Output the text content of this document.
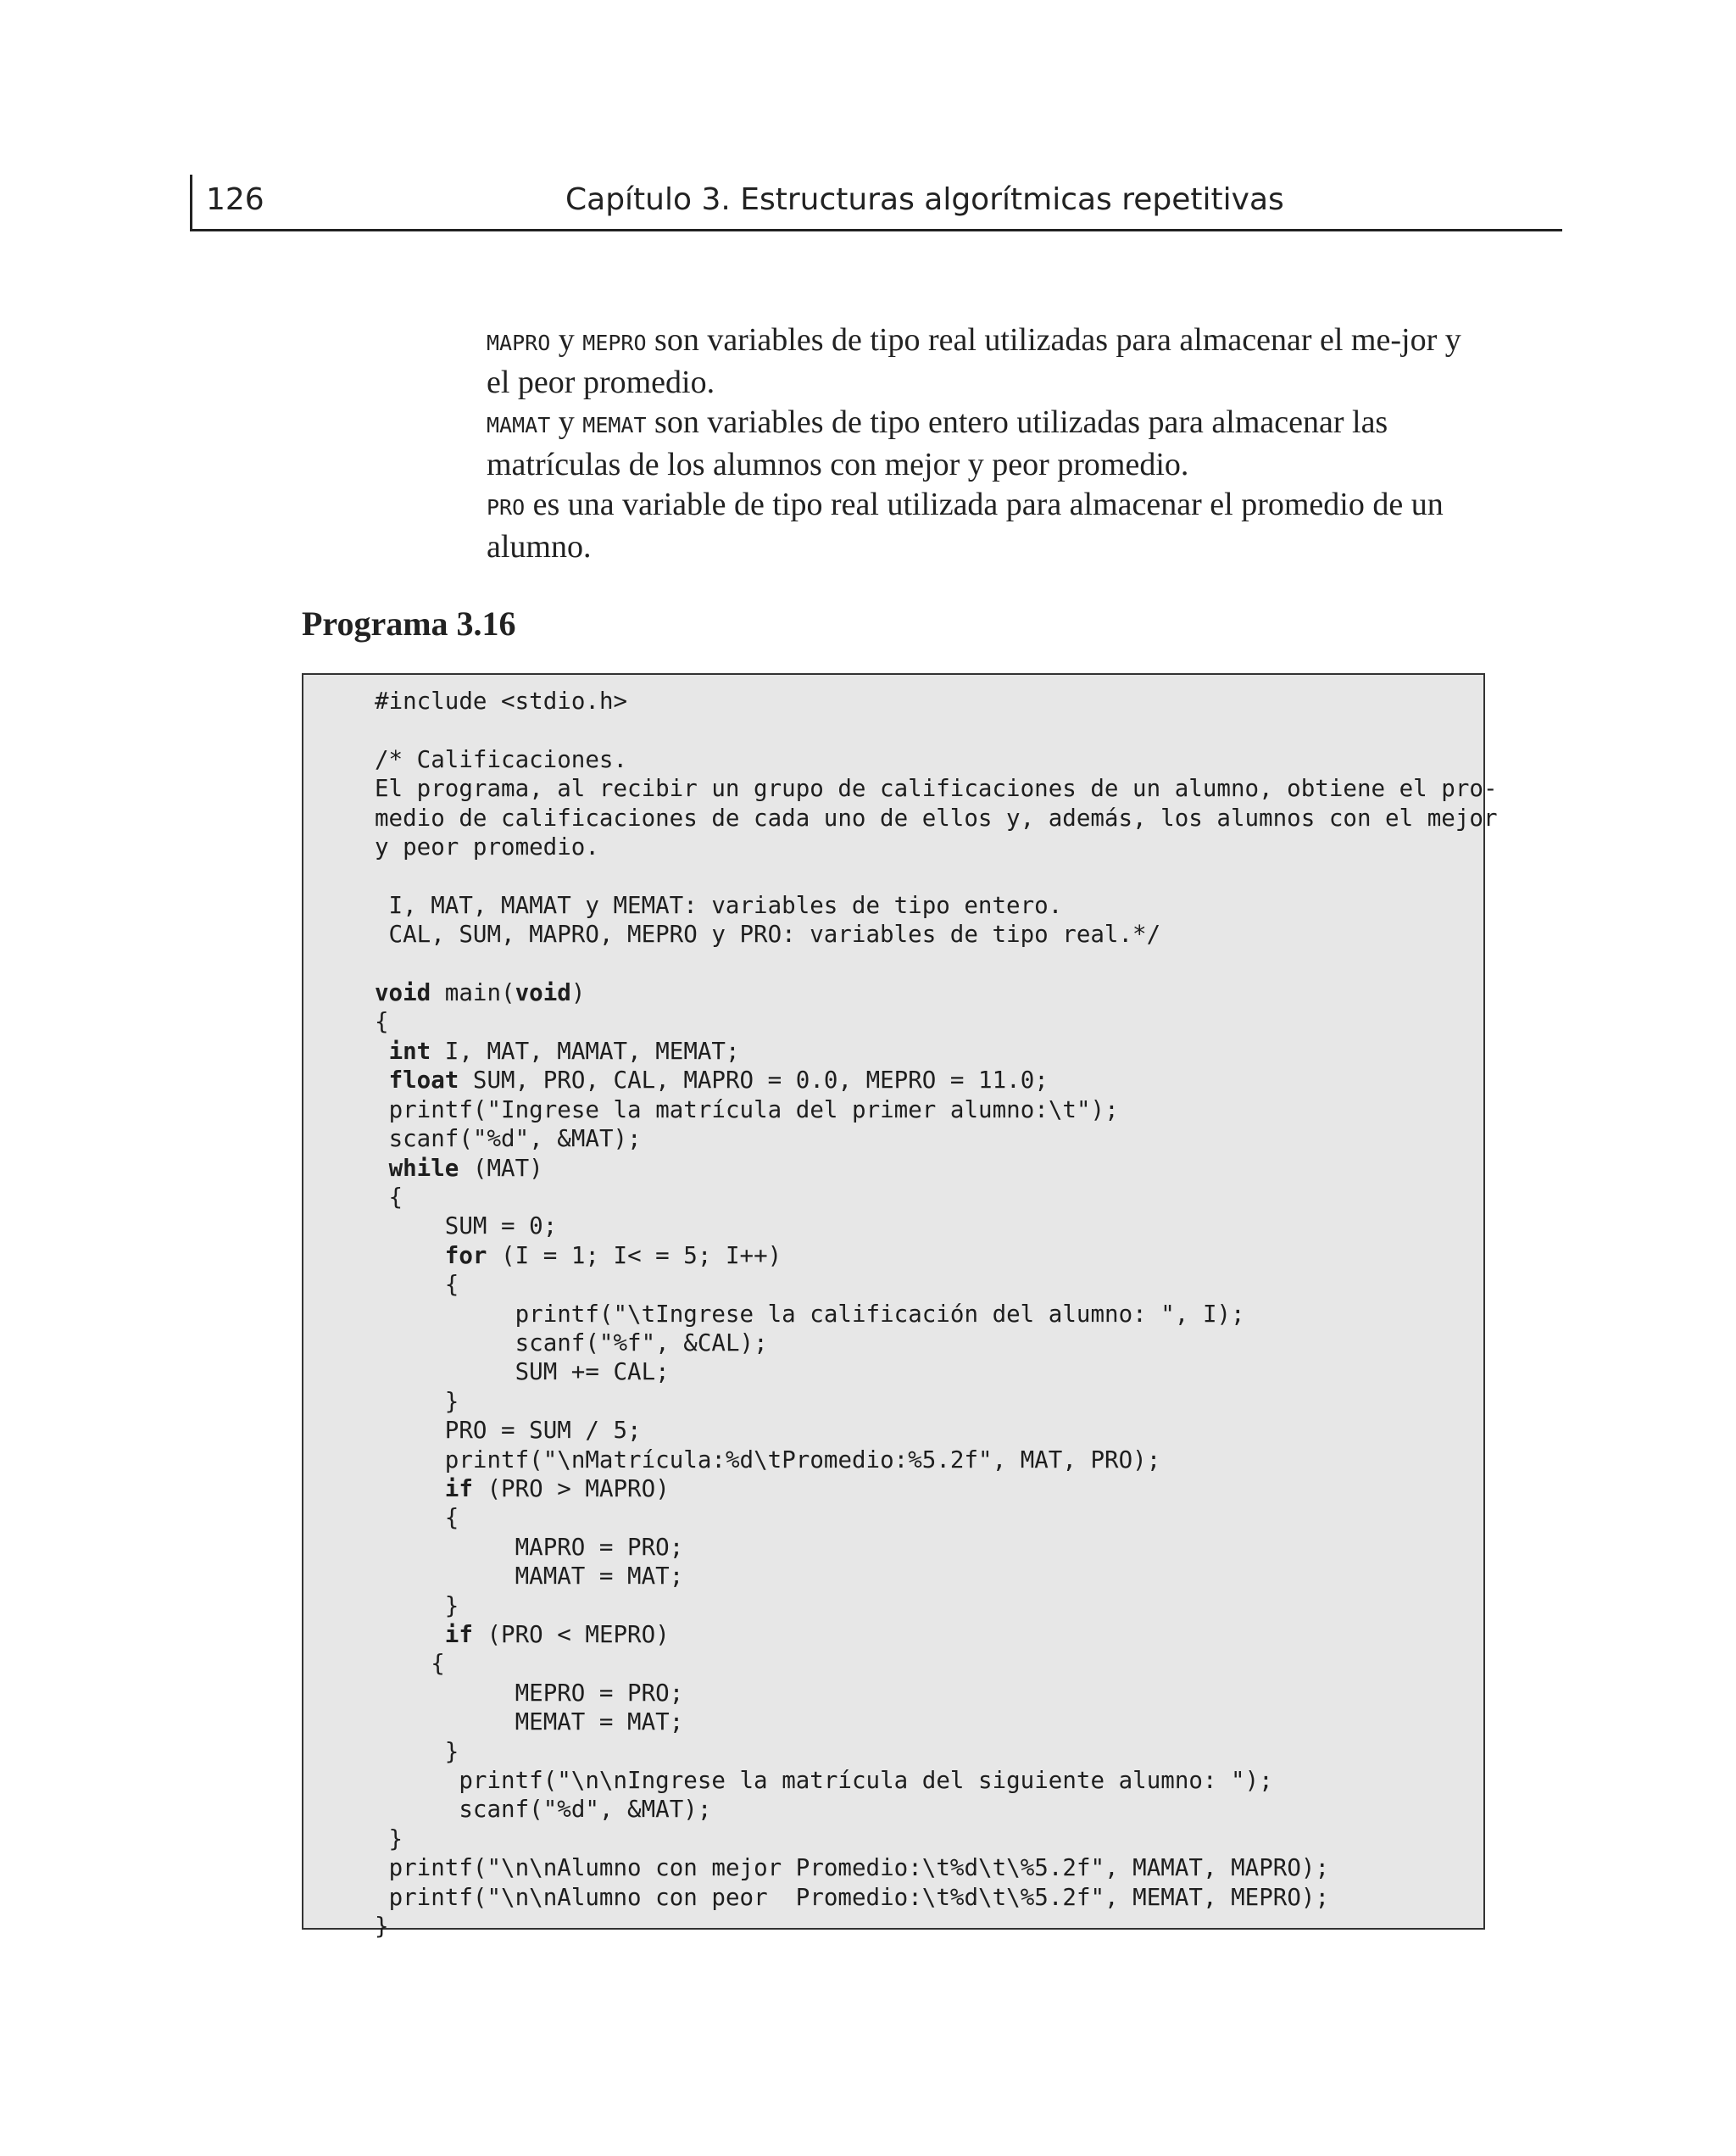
126	Capítulo 3. Estructuras algorítmicas repetitivas

MAPRO y MEPRO son variables de tipo real utilizadas para almacenar el me-jor y el peor promedio.

MAMAT y MEMAT son variables de tipo entero utilizadas para almacenar las matrículas de los alumnos con mejor y peor promedio.

PRO es una variable de tipo real utilizada para almacenar el promedio de un alumno.

Programa 3.16
#include <stdio.h>

/* Calificaciones.
El programa, al recibir un grupo de calificaciones de un alumno, obtiene el pro-
medio de calificaciones de cada uno de ellos y, además, los alumnos con el mejor
y peor promedio.

I, MAT, MAMAT y MEMAT: variables de tipo entero.
CAL, SUM, MAPRO, MEPRO y PRO: variables de tipo real.*/

void main(void)
{
int I, MAT, MAMAT, MEMAT;
float SUM, PRO, CAL, MAPRO = 0.0, MEPRO = 11.0;
printf("Ingrese la matrícula del primer alumno:\t");
scanf("%d", &MAT);
while (MAT)
{
SUM = 0;
for (I = 1; I< = 5; I++)
{
printf("\tIngrese la calificación del alumno: ", I);
scanf("%f", &CAL);
SUM += CAL;
}
PRO = SUM / 5;
printf("\nMatrícula:%d\tPromedio:%5.2f", MAT, PRO);
if (PRO > MAPRO)
{
MAPRO = PRO;
MAMAT = MAT;
}
if (PRO < MEPRO)
{
MEPRO = PRO;
MEMAT = MAT;
}
printf("\n\nIngrese la matrícula del siguiente alumno: ");
scanf("%d", &MAT);
}
printf("\n\nAlumno con mejor Promedio:\t%d\t\%5.2f", MAMAT, MAPRO);
printf("\n\nAlumno con peor Promedio:\t%d\t\%5.2f", MEMAT, MEPRO);
}
